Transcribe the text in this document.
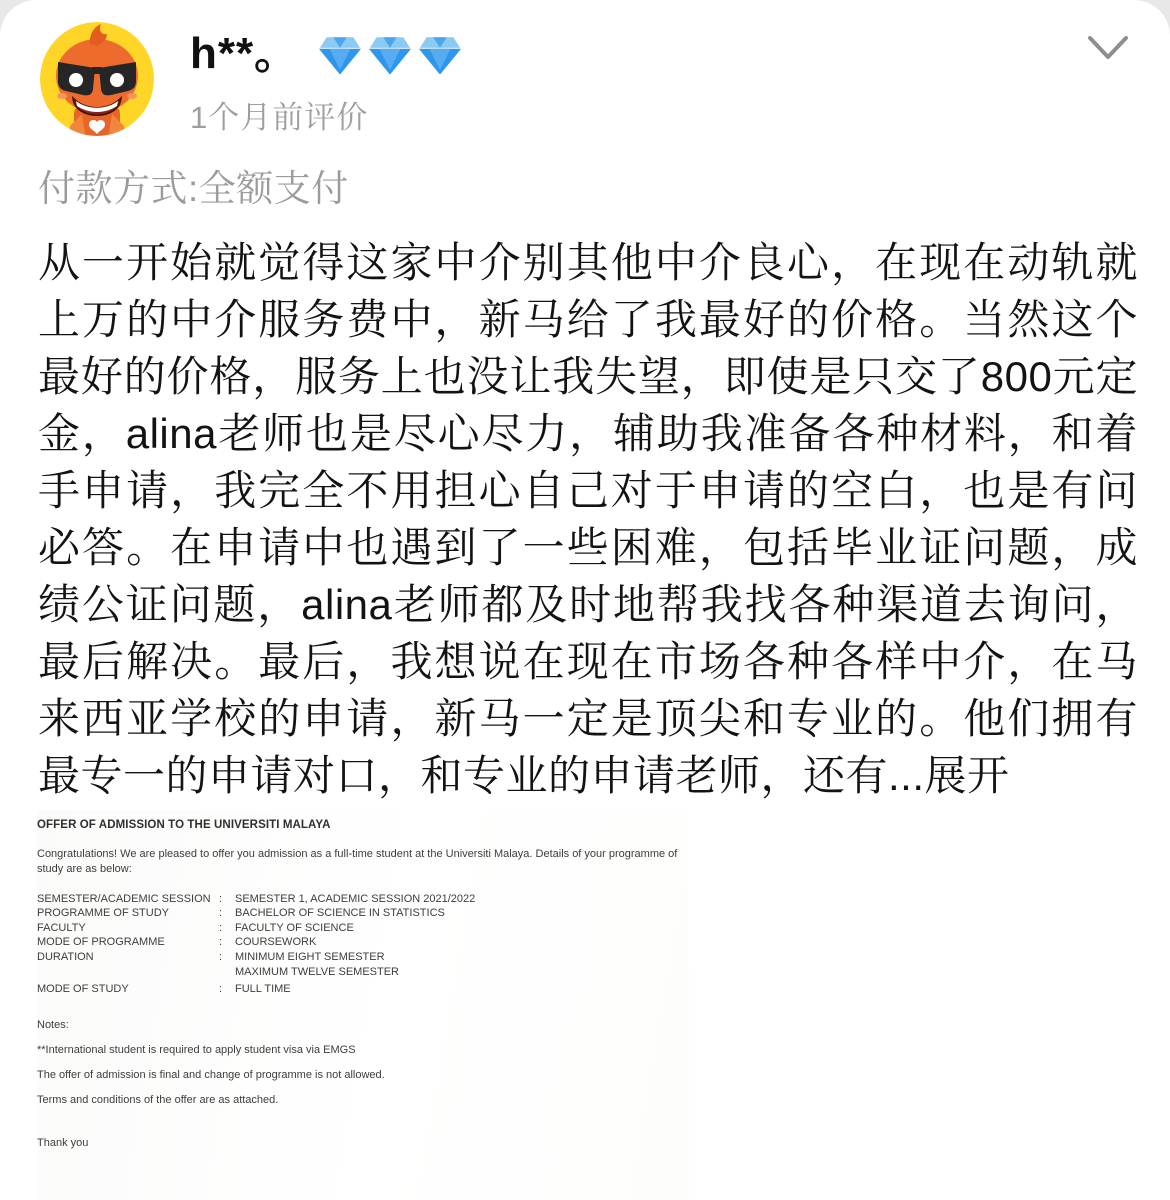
h**。
1个月前评价
付款方式:全额支付
从一开始就觉得这家中介别其他中介良心，在现在动轨就上万的中介服务费中，新马给了我最好的价格。当然这个最好的价格，服务上也没让我失望，即使是只交了800元定金，alina老师也是尽心尽力，辅助我准备各种材料，和着手申请，我完全不用担心自己对于申请的空白，也是有问必答。在申请中也遇到了一些困难，包括毕业证问题，成绩公证问题，alina老师都及时地帮我找各种渠道去询问，最后解决。最后，我想说在现在市场各种各样中介，在马来西亚学校的申请，新马一定是顶尖和专业的。他们拥有最专一的申请对口，和专业的申请老师，还有...展开
OFFER OF ADMISSION TO THE UNIVERSITI MALAYA
Congratulations! We are pleased to offer you admission as a full-time student at the Universiti Malaya. Details of your programme of study are as below:
SEMESTER/ACADEMIC SESSION :	SEMESTER 1, ACADEMIC SESSION 2021/2022
PROGRAMME OF STUDY	:	BACHELOR OF SCIENCE IN STATISTICS
FACULTY	:	FACULTY OF SCIENCE
MODE OF PROGRAMME	:	COURSEWORK
DURATION	:	MINIMUM EIGHT SEMESTER
MAXIMUM TWELVE SEMESTER
MODE OF STUDY	:	FULL TIME
Notes:
**International student is required to apply student visa via EMGS
The offer of admission is final and change of programme is not allowed.
Terms and conditions of the offer are as attached.
Thank you
